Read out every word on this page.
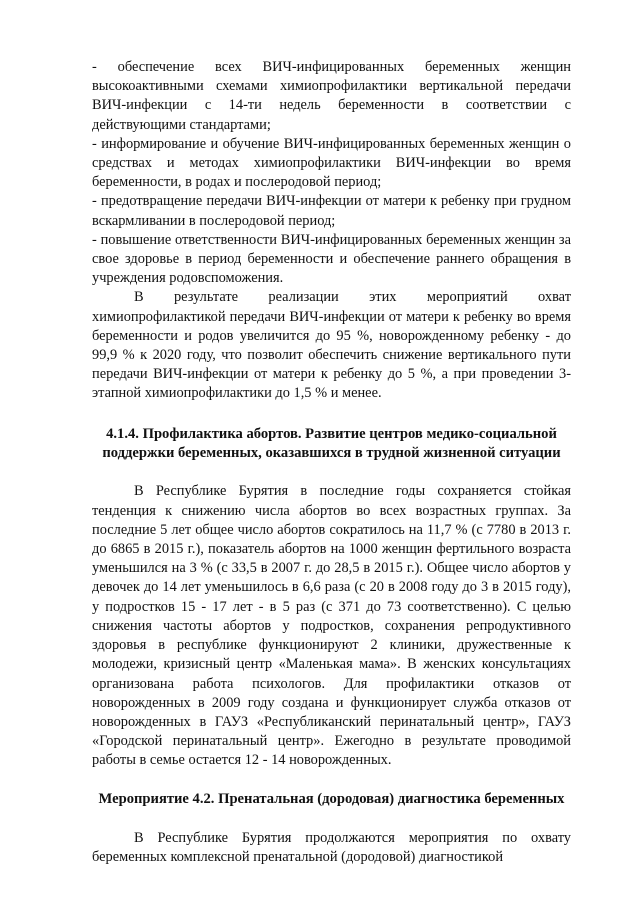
- обеспечение всех ВИЧ-инфицированных беременных женщин высокоактивными схемами химиопрофилактики вертикальной передачи ВИЧ-инфекции с 14-ти недель беременности в соответствии с действующими стандартами;

- информирование и обучение ВИЧ-инфицированных беременных женщин о средствах и методах химиопрофилактики ВИЧ-инфекции во время беременности, в родах и послеродовой период;

- предотвращение передачи ВИЧ-инфекции от матери к ребенку при грудном вскармливании в послеродовой период;

- повышение ответственности ВИЧ-инфицированных беременных женщин за свое здоровье в период беременности и обеспечение раннего обращения в учреждения родовспоможения.

В результате реализации этих мероприятий охват химиопрофилактикой передачи ВИЧ-инфекции от матери к ребенку во время беременности и родов увеличится до 95 %, новорожденному ребенку - до 99,9 % к 2020 году, что позволит обеспечить снижение вертикального пути передачи ВИЧ-инфекции от матери к ребенку до 5 %, а при проведении 3-этапной химиопрофилактики до 1,5 % и менее.

4.1.4. Профилактика абортов. Развитие центров медико-социальной поддержки беременных, оказавшихся в трудной жизненной ситуации

В Республике Бурятия в последние годы сохраняется стойкая тенденция к снижению числа абортов во всех возрастных группах. За последние 5 лет общее число абортов сократилось на 11,7 % (с 7780 в 2013 г. до 6865 в 2015 г.), показатель абортов на 1000 женщин фертильного возраста уменьшился на 3 % (с 33,5 в 2007 г. до 28,5 в 2015 г.). Общее число абортов у девочек до 14 лет уменьшилось в 6,6 раза (с 20 в 2008 году до 3 в 2015 году), у подростков 15 - 17 лет - в 5 раз (с 371 до 73 соответственно). С целью снижения частоты абортов у подростков, сохранения репродуктивного здоровья в республике функционируют 2 клиники, дружественные к молодежи, кризисный центр «Маленькая мама». В женских консультациях организована работа психологов. Для профилактики отказов от новорожденных в 2009 году создана и функционирует служба отказов от новорожденных в ГАУЗ «Республиканский перинатальный центр», ГАУЗ «Городской перинатальный центр». Ежегодно в результате проводимой работы в семье остается 12 - 14 новорожденных.

Мероприятие 4.2. Пренатальная (дородовая) диагностика беременных

В Республике Бурятия продолжаются мероприятия по охвату беременных комплексной пренатальной (дородовой) диагностикой
